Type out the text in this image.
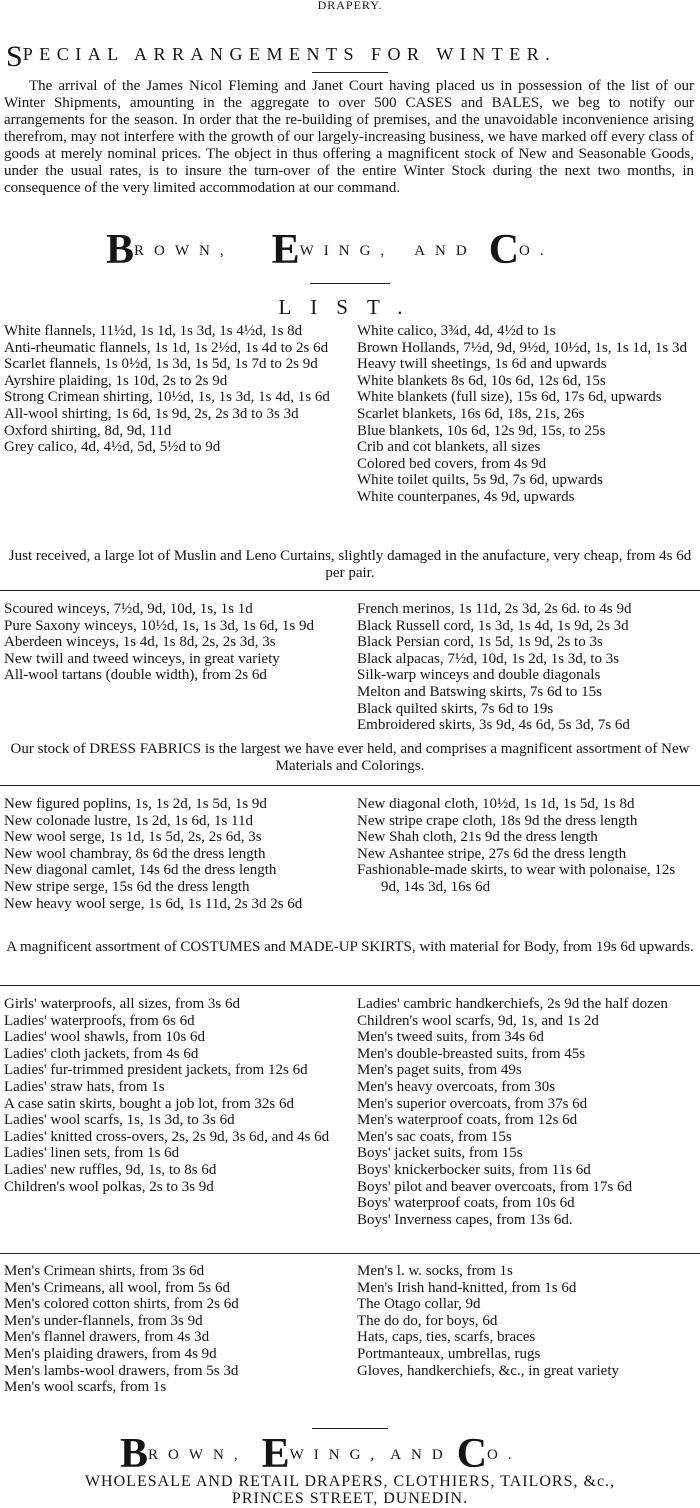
DRAPERY.
SPECIAL ARRANGEMENTS FOR WINTER.

The arrival of the James Nicol Fleming and Janet Court having placed us in possession of the list of our Winter Shipments, amounting in the aggregate to over 500 CASES and BALES, we beg to notify our arrangements for the season. In order that the re-building of premises, and the unavoidable inconvenience arising therefrom, may not interfere with the growth of our largely-increasing business, we have marked off every class of goods at merely nominal prices. The object in thus offering a magnificent stock of New and Seasonable Goods, under the usual rates, is to insure the turn-over of the entire Winter Stock during the next two months, in consequence of the very limited accommodation at our command.

BROWN, EWING, AND CO.
LIST.

White flannels, 11½d, 1s 1d, 1s 3d, 1s 4½d, 1s 8d

Anti-rheumatic flannels, 1s 1d, 1s 2½d, 1s 4d to 2s 6d

Scarlet flannels, 1s 0½d, 1s 3d, 1s 5d, 1s 7d to 2s 9d

Ayrshire plaiding, 1s 10d, 2s to 2s 9d

Strong Crimean shirting, 10½d, 1s, 1s 3d, 1s 4d, 1s 6d

All-wool shirting, 1s 6d, 1s 9d, 2s, 2s 3d to 3s 3d

Oxford shirting, 8d, 9d, 11d

Grey calico, 4d, 4½d, 5d, 5½d to 9d

White calico, 3¾d, 4d, 4½d to 1s

Brown Hollands, 7½d, 9d, 9½d, 10½d, 1s, 1s 1d, 1s 3d

Heavy twill sheetings, 1s 6d and upwards

White blankets 8s 6d, 10s 6d, 12s 6d, 15s

White blankets (full size), 15s 6d, 17s 6d, upwards

Scarlet blankets, 16s 6d, 18s, 21s, 26s

Blue blankets, 10s 6d, 12s 9d, 15s, to 25s

Crib and cot blankets, all sizes

Colored bed covers, from 4s 9d

White toilet quilts, 5s 9d, 7s 6d, upwards

White counterpanes, 4s 9d, upwards

Just received, a large lot of Muslin and Leno Curtains, slightly damaged in the anufacture, very cheap, from 4s 6d per pair.

Scoured winceys, 7½d, 9d, 10d, 1s, 1s 1d

Pure Saxony winceys, 10½d, 1s, 1s 3d, 1s 6d, 1s 9d

Aberdeen winceys, 1s 4d, 1s 8d, 2s, 2s 3d, 3s

New twill and tweed winceys, in great variety

All-wool tartans (double width), from 2s 6d

French merinos, 1s 11d, 2s 3d, 2s 6d. to 4s 9d

Black Russell cord, 1s 3d, 1s 4d, 1s 9d, 2s 3d

Black Persian cord, 1s 5d, 1s 9d, 2s to 3s

Black alpacas, 7½d, 10d, 1s 2d, 1s 3d, to 3s

Silk-warp winceys and double diagonals

Melton and Batswing skirts, 7s 6d to 15s

Black quilted skirts, 7s 6d to 19s

Embroidered skirts, 3s 9d, 4s 6d, 5s 3d, 7s 6d

Our stock of DRESS FABRICS is the largest we have ever held, and comprises a magnificent assortment of New Materials and Colorings.

New figured poplins, 1s, 1s 2d, 1s 5d, 1s 9d

New colonade lustre, 1s 2d, 1s 6d, 1s 11d

New wool serge, 1s 1d, 1s 5d, 2s, 2s 6d, 3s

New wool chambray, 8s 6d the dress length

New diagonal camlet, 14s 6d the dress length

New stripe serge, 15s 6d the dress length

New heavy wool serge, 1s 6d, 1s 11d, 2s 3d 2s 6d

New diagonal cloth, 10½d, 1s 1d, 1s 5d, 1s 8d

New stripe crape cloth, 18s 9d the dress length

New Shah cloth, 21s 9d the dress length

New Ashantee stripe, 27s 6d the dress length

Fashionable-made skirts, to wear with polonaise, 12s 9d, 14s 3d, 16s 6d

A magnificent assortment of COSTUMES and MADE-UP SKIRTS, with material for Body, from 19s 6d upwards.

Girls' waterproofs, all sizes, from 3s 6d

Ladies' waterproofs, from 6s 6d

Ladies' wool shawls, from 10s 6d

Ladies' cloth jackets, from 4s 6d

Ladies' fur-trimmed president jackets, from 12s 6d

Ladies' straw hats, from 1s

A case satin skirts, bought a job lot, from 32s 6d

Ladies' wool scarfs, 1s, 1s 3d, to 3s 6d

Ladies' knitted cross-overs, 2s, 2s 9d, 3s 6d, and 4s 6d

Ladies' linen sets, from 1s 6d

Ladies' new ruffles, 9d, 1s, to 8s 6d

Children's wool polkas, 2s to 3s 9d

Ladies' cambric handkerchiefs, 2s 9d the half dozen

Children's wool scarfs, 9d, 1s, and 1s 2d

Men's tweed suits, from 34s 6d

Men's double-breasted suits, from 45s

Men's paget suits, from 49s

Men's heavy overcoats, from 30s

Men's superior overcoats, from 37s 6d

Men's waterproof coats, from 12s 6d

Men's sac coats, from 15s

Boys' jacket suits, from 15s

Boys' knickerbocker suits, from 11s 6d

Boys' pilot and beaver overcoats, from 17s 6d

Boys' waterproof coats, from 10s 6d

Boys' Inverness capes, from 13s 6d.

Men's Crimean shirts, from 3s 6d

Men's Crimeans, all wool, from 5s 6d

Men's colored cotton shirts, from 2s 6d

Men's under-flannels, from 3s 9d

Men's flannel drawers, from 4s 3d

Men's plaiding drawers, from 4s 9d

Men's lambs-wool drawers, from 5s 3d

Men's wool scarfs, from 1s

Men's l. w. socks, from 1s

Men's Irish hand-knitted, from 1s 6d

The Otago collar, 9d

The do do, for boys, 6d

Hats, caps, ties, scarfs, braces

Portmanteaux, umbrellas, rugs

Gloves, handkerchiefs, &c., in great variety

BROWN, EWING, ANDCO.
WHOLESALE AND RETAIL DRAPERS, CLOTHIERS, TAILORS, &c.,
PRINCES STREET, DUNEDIN.
